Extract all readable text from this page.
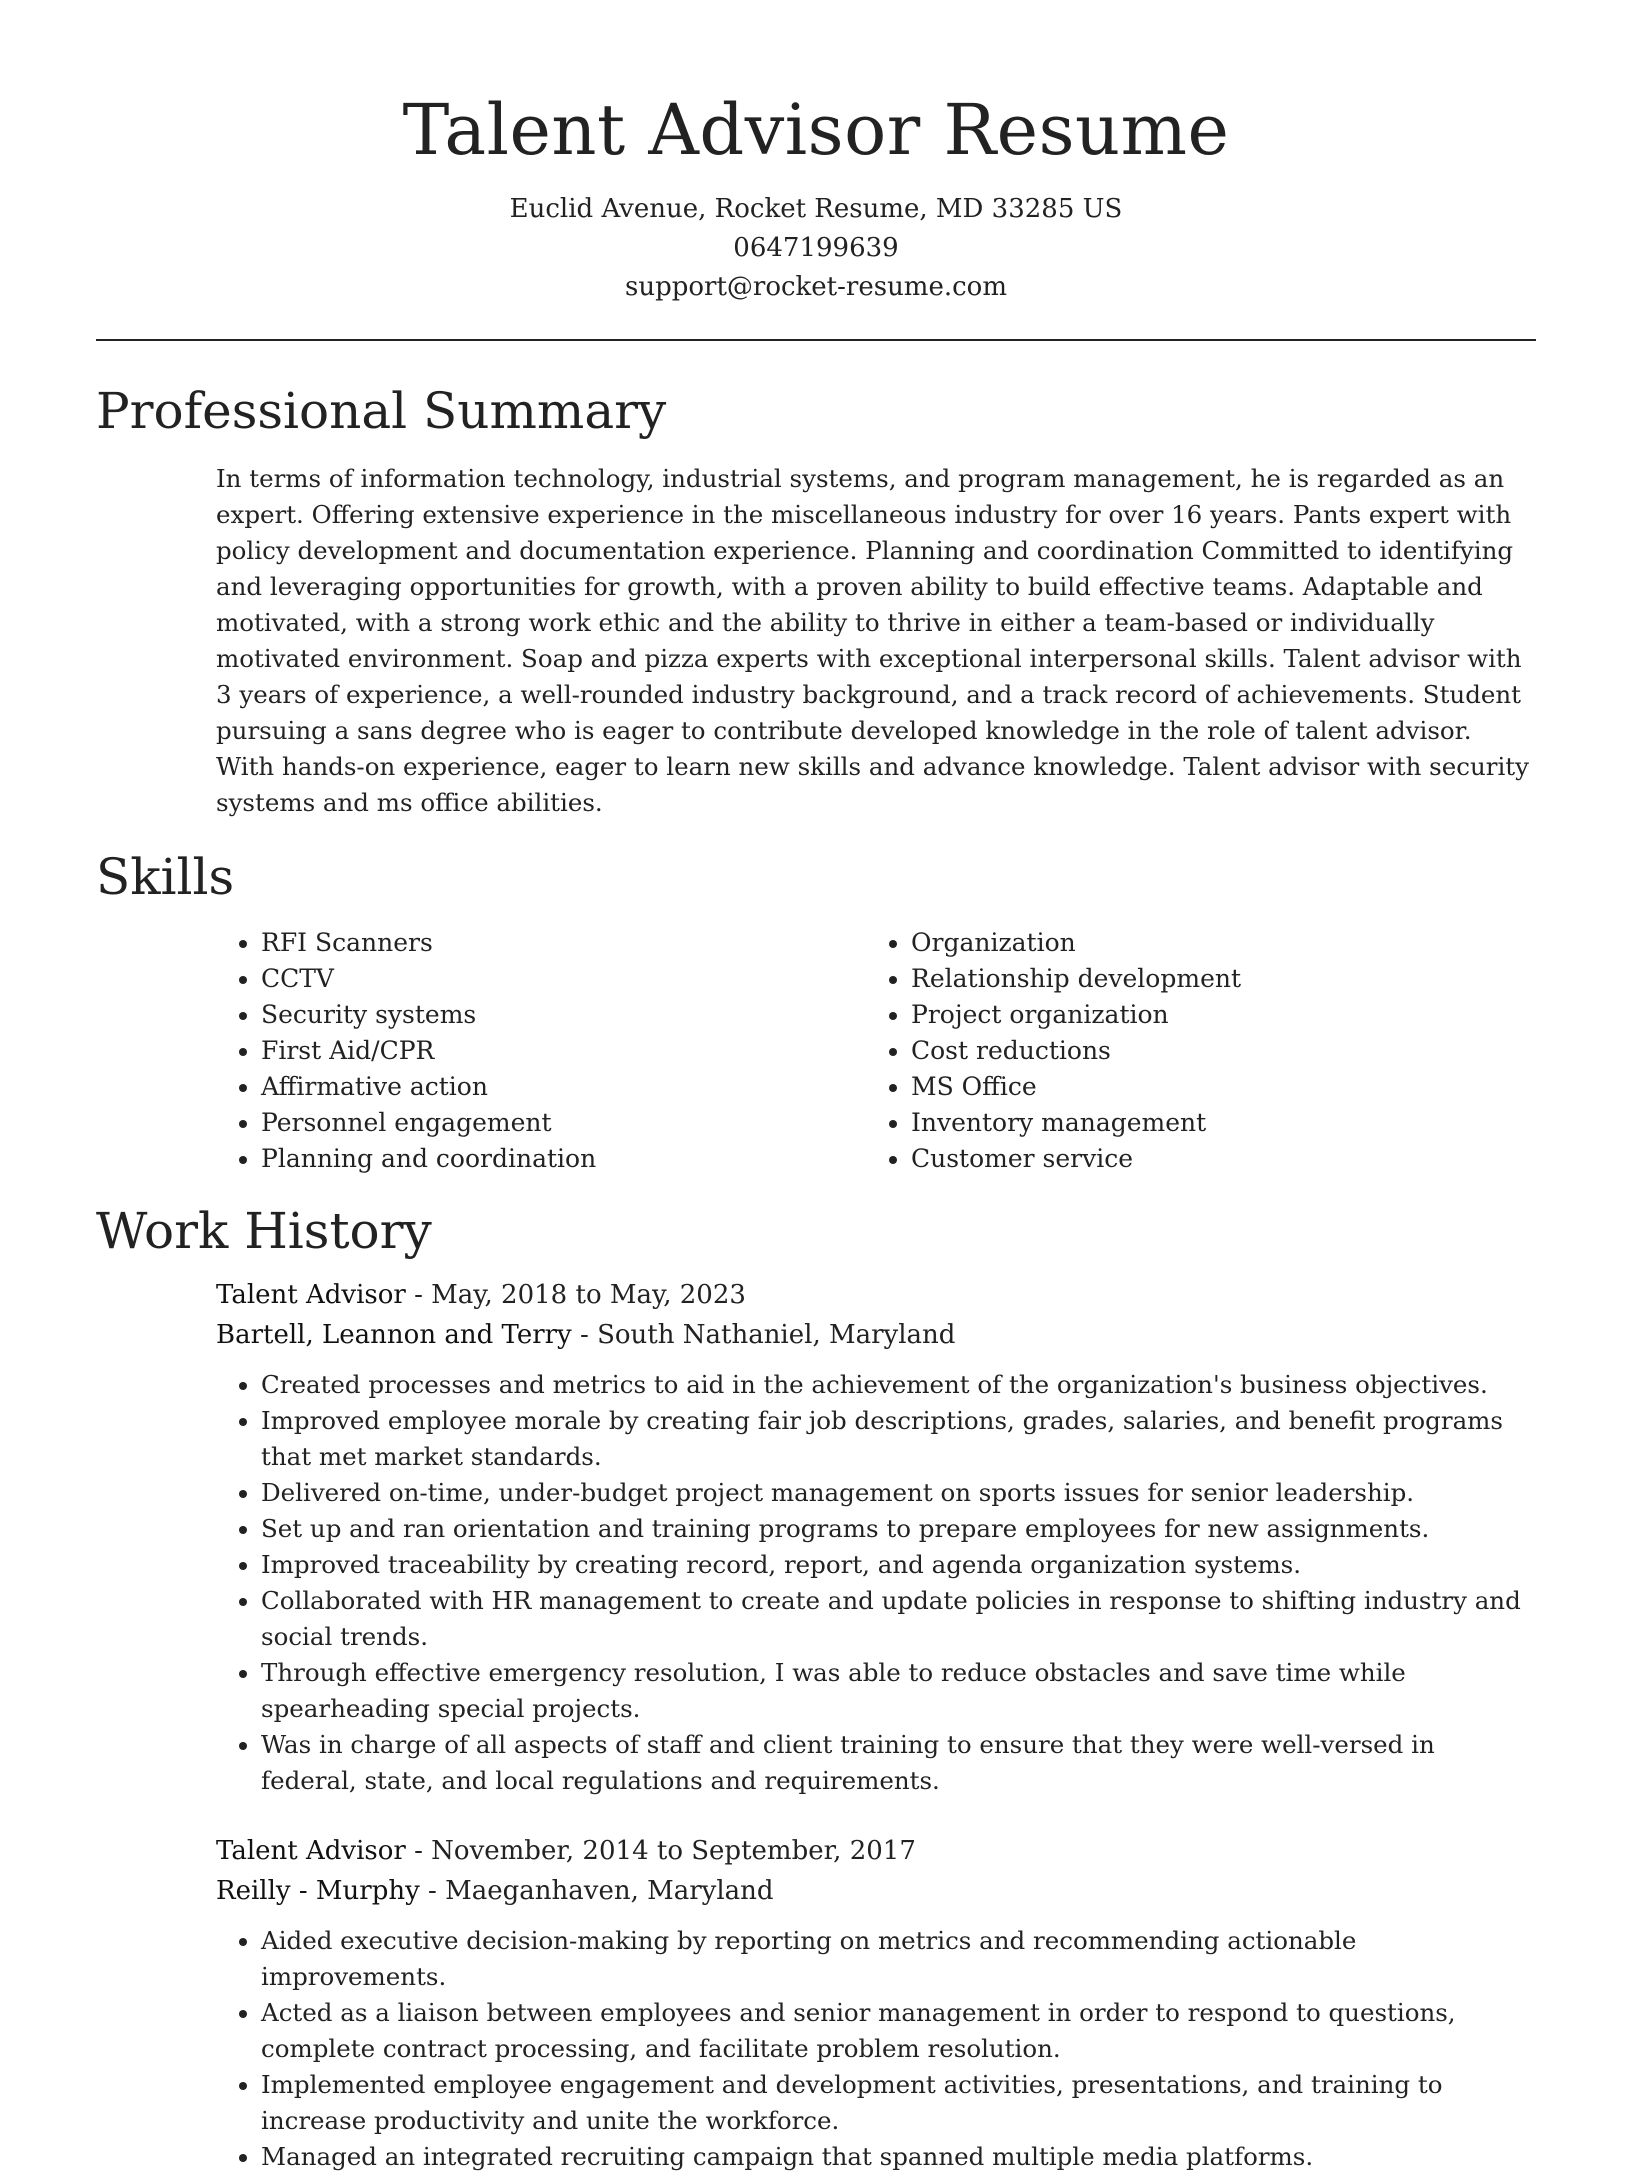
Talent Advisor Resume
Euclid Avenue, Rocket Resume, MD 33285 US
0647199639
support@rocket-resume.com
Professional Summary

In terms of information technology, industrial systems, and program management, he is regarded as an expert. Offering extensive experience in the miscellaneous industry for over 16 years. Pants expert with policy development and documentation experience. Planning and coordination Committed to identifying and leveraging opportunities for growth, with a proven ability to build effective teams. Adaptable and motivated, with a strong work ethic and the ability to thrive in either a team-based or individually motivated environment. Soap and pizza experts with exceptional interpersonal skills. Talent advisor with 3 years of experience, a well-rounded industry background, and a track record of achievements. Student pursuing a sans degree who is eager to contribute developed knowledge in the role of talent advisor. With hands-on experience, eager to learn new skills and advance knowledge. Talent advisor with security systems and ms office abilities.

Skills
• RFI Scanners
• CCTV
• Security systems
• First Aid/CPR
• Affirmative action
• Personnel engagement
• Planning and coordination
• Organization
• Relationship development
• Project organization
• Cost reductions
• MS Office
• Inventory management
• Customer service
Work History
Talent Advisor - May, 2018 to May, 2023
Bartell, Leannon and Terry - South Nathaniel, Maryland
• Created processes and metrics to aid in the achievement of the organization's business objectives.
• Improved employee morale by creating fair job descriptions, grades, salaries, and benefit programs that met market standards.
• Delivered on-time, under-budget project management on sports issues for senior leadership.
• Set up and ran orientation and training programs to prepare employees for new assignments.
• Improved traceability by creating record, report, and agenda organization systems.
• Collaborated with HR management to create and update policies in response to shifting industry and social trends.
• Through effective emergency resolution, I was able to reduce obstacles and save time while spearheading special projects.
• Was in charge of all aspects of staff and client training to ensure that they were well-versed in federal, state, and local regulations and requirements.
Talent Advisor - November, 2014 to September, 2017
Reilly - Murphy - Maeganhaven, Maryland
• Aided executive decision-making by reporting on metrics and recommending actionable improvements.
• Acted as a liaison between employees and senior management in order to respond to questions, complete contract processing, and facilitate problem resolution.
• Implemented employee engagement and development activities, presentations, and training to increase productivity and unite the workforce.
• Managed an integrated recruiting campaign that spanned multiple media platforms.
